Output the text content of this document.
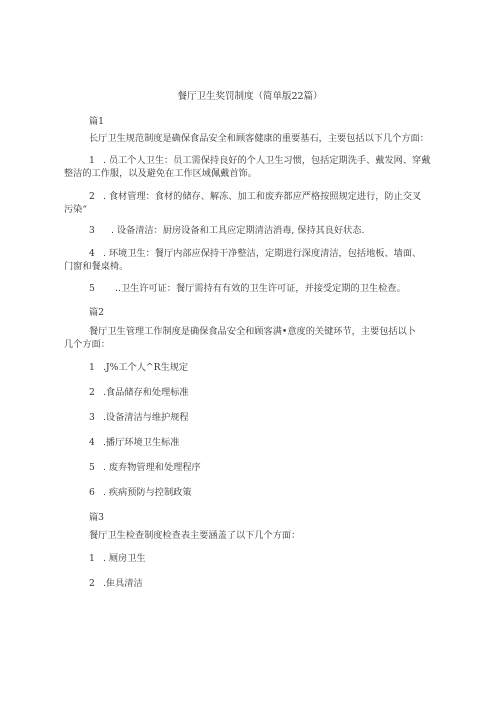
餐厅卫生奖罚制度（简单版22篇）
篇1
长厅卫生规范制度是确保食品安全和顾客健康的重要基石，主要包括以下几个方面：
1 . 员工个人卫生：员工需保持良好的个人卫生习惯，包括定期洗手、戴发网、穿戴
整洁的工作服，以及避免在工作区域佩戴首饰。
2 . 食材管理：食材的储存、解冻、加工和废弃都应严格按照规定进行，防止交叉
污染“
3 . 设备清洁：厨房设备和工具应定期清洁消毒, 保持其良好状态.
4 . 环境卫生：餐厅内部应保持干净整洁，定期进行深度清洁，包括地板、墙面、
门窗和餐桌椅。
5 ..卫生许可证：餐厅需持有有效的卫生许可证，并接受定期的卫生检查。
篇2
餐厅卫生管理工作制度是确保食品安全和顾客满•意度的关键环节，主要包括以卜
几个方面：
1 .J%工个人^R生规定
2 .食品储存和处理标准
3 .设备清洁与维护规程
4 .播厅环境卫生标准
5 . 废弃物管理和处理程序
6 . 疾病预防与控制政策
篇3
餐厅卫生检查制度检查表主要涵盖了以下几个方面：
1 . 厕房卫生
2 .隹具清洁
